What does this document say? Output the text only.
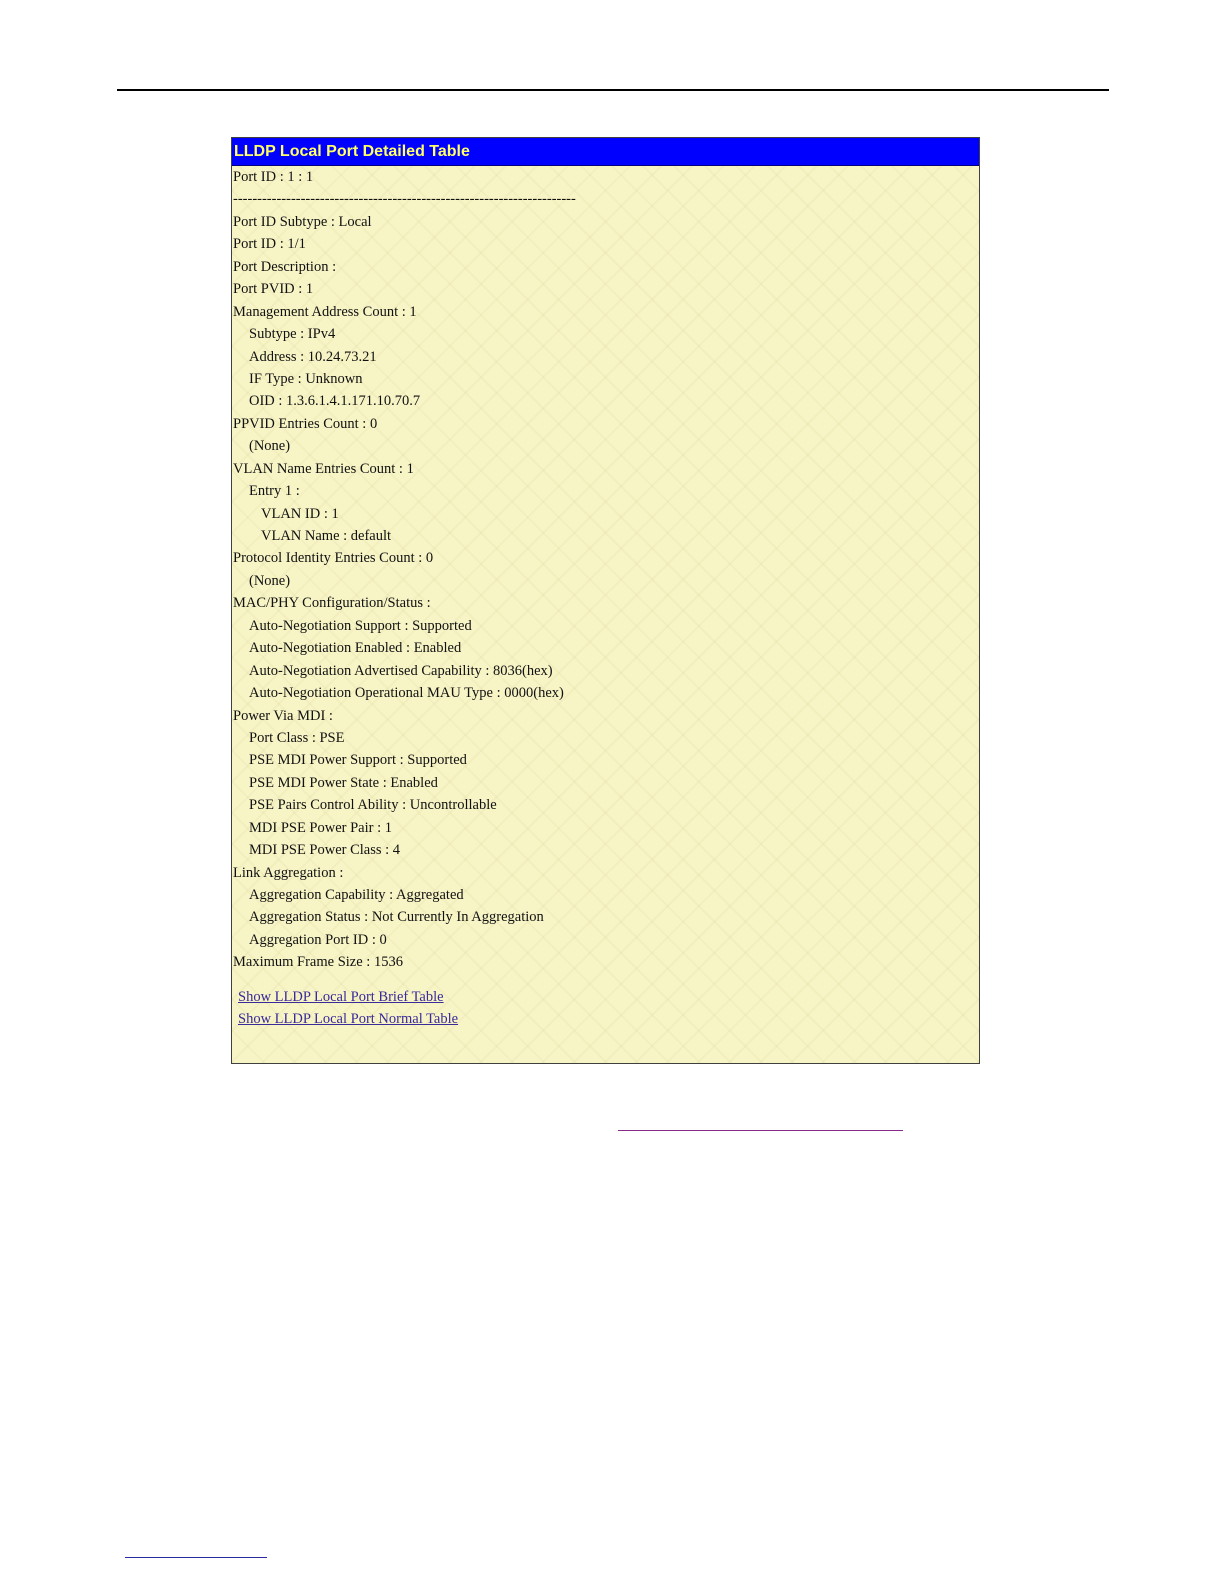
LLDP Local Port Detailed Table
Port ID : 1 : 1
-----------------------------------------------------------------------
Port ID Subtype : Local
Port ID : 1/1
Port Description :
Port PVID : 1
Management Address Count : 1
Subtype : IPv4
Address : 10.24.73.21
IF Type : Unknown
OID : 1.3.6.1.4.1.171.10.70.7
PPVID Entries Count : 0
(None)
VLAN Name Entries Count : 1
Entry 1 :
VLAN ID : 1
VLAN Name : default
Protocol Identity Entries Count : 0
(None)
MAC/PHY Configuration/Status :
Auto-Negotiation Support : Supported
Auto-Negotiation Enabled : Enabled
Auto-Negotiation Advertised Capability : 8036(hex)
Auto-Negotiation Operational MAU Type : 0000(hex)
Power Via MDI :
Port Class : PSE
PSE MDI Power Support : Supported
PSE MDI Power State : Enabled
PSE Pairs Control Ability : Uncontrollable
MDI PSE Power Pair : 1
MDI PSE Power Class : 4
Link Aggregation :
Aggregation Capability : Aggregated
Aggregation Status : Not Currently In Aggregation
Aggregation Port ID : 0
Maximum Frame Size : 1536
Show LLDP Local Port Brief Table
Show LLDP Local Port Normal Table
